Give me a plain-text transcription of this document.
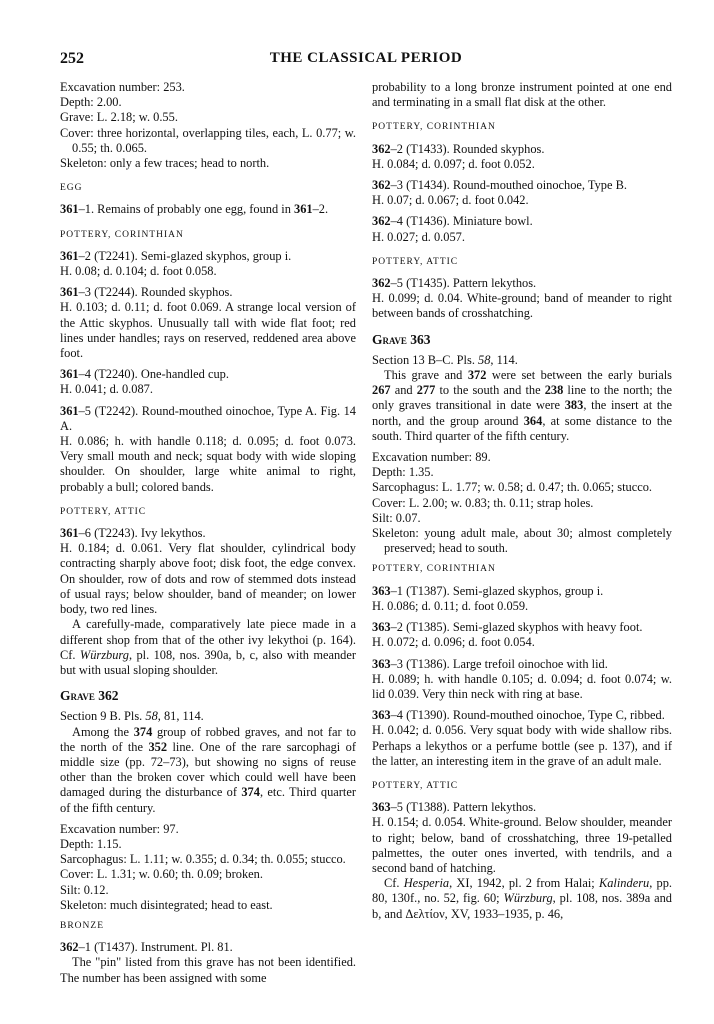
252	THE CLASSICAL PERIOD

Excavation number: 253.

Depth: 2.00.

Grave: L. 2.18; w. 0.55.

Cover: three horizontal, overlapping tiles, each, L. 0.77; w. 0.55; th. 0.065.

Skeleton: only a few traces; head to north.

EGG

361–1. Remains of probably one egg, found in 361–2.

POTTERY, CORINTHIAN

361–2 (T2241). Semi-glazed skyphos, group i.

H. 0.08; d. 0.104; d. foot 0.058.

361–3 (T2244). Rounded skyphos.

H. 0.103; d. 0.11; d. foot 0.069. A strange local version of the Attic skyphos. Unusually tall with wide flat foot; red lines under handles; rays on reserved, reddened area above foot.

361–4 (T2240). One-handled cup.

H. 0.041; d. 0.087.

361–5 (T2242). Round-mouthed oinochoe, Type A. Fig. 14 A.

H. 0.086; h. with handle 0.118; d. 0.095; d. foot 0.073. Very small mouth and neck; squat body with wide sloping shoulder. On shoulder, large white animal to right, probably a bull; colored bands.

POTTERY, ATTIC

361–6 (T2243). Ivy lekythos.

H. 0.184; d. 0.061. Very flat shoulder, cylindrical body contracting sharply above foot; disk foot, the edge convex. On shoulder, row of dots and row of stemmed dots instead of usual rays; below shoulder, band of meander; on lower body, two red lines.

A carefully-made, comparatively late piece made in a different shop from that of the other ivy lekythoi (p. 164). Cf. Würzburg, pl. 108, nos. 390a, b, c, also with meander but with usual sloping shoulder.

Grave 362

Section 9 B. Pls. 58, 81, 114.

Among the 374 group of robbed graves, and not far to the north of the 352 line. One of the rare sarcophagi of middle size (pp. 72–73), but showing no signs of reuse other than the broken cover which could well have been damaged during the disturbance of 374, etc. Third quarter of the fifth century.

Excavation number: 97.

Depth: 1.15.

Sarcophagus: L. 1.11; w. 0.355; d. 0.34; th. 0.055; stucco.

Cover: L. 1.31; w. 0.60; th. 0.09; broken.

Silt: 0.12.

Skeleton: much disintegrated; head to east.

BRONZE

362–1 (T1437). Instrument. Pl. 81.

The "pin" listed from this grave has not been identified. The number has been assigned with some

probability to a long bronze instrument pointed at one end and terminating in a small flat disk at the other.

POTTERY, CORINTHIAN

362–2 (T1433). Rounded skyphos.

H. 0.084; d. 0.097; d. foot 0.052.

362–3 (T1434). Round-mouthed oinochoe, Type B.

H. 0.07; d. 0.067; d. foot 0.042.

362–4 (T1436). Miniature bowl.

H. 0.027; d. 0.057.

POTTERY, ATTIC

362–5 (T1435). Pattern lekythos.

H. 0.099; d. 0.04. White-ground; band of meander to right between bands of crosshatching.

Grave 363

Section 13 B–C. Pls. 58, 114.

This grave and 372 were set between the early burials 267 and 277 to the south and the 238 line to the north; the only graves transitional in date were 383, the insert at the north, and the group around 364, at some distance to the south. Third quarter of the fifth century.

Excavation number: 89.

Depth: 1.35.

Sarcophagus: L. 1.77; w. 0.58; d. 0.47; th. 0.065; stucco.

Cover: L. 2.00; w. 0.83; th. 0.11; strap holes.

Silt: 0.07.

Skeleton: young adult male, about 30; almost completely preserved; head to south.

POTTERY, CORINTHIAN

363–1 (T1387). Semi-glazed skyphos, group i.

H. 0.086; d. 0.11; d. foot 0.059.

363–2 (T1385). Semi-glazed skyphos with heavy foot.

H. 0.072; d. 0.096; d. foot 0.054.

363–3 (T1386). Large trefoil oinochoe with lid.

H. 0.089; h. with handle 0.105; d. 0.094; d. foot 0.074; w. lid 0.039. Very thin neck with ring at base.

363–4 (T1390). Round-mouthed oinochoe, Type C, ribbed.

H. 0.042; d. 0.056. Very squat body with wide shallow ribs. Perhaps a lekythos or a perfume bottle (see p. 137), and if the latter, an interesting item in the grave of an adult male.

POTTERY, ATTIC

363–5 (T1388). Pattern lekythos.

H. 0.154; d. 0.054. White-ground. Below shoulder, meander to right; below, band of crosshatching, three 19-petalled palmettes, the outer ones inverted, with tendrils, and a second band of hatching.

Cf. Hesperia, XI, 1942, pl. 2 from Halai; Kalinderu, pp. 80, 130f., no. 52, fig. 60; Würzburg, pl. 108, nos. 389a and b, and Δελτίον, XV, 1933–1935, p. 46,
